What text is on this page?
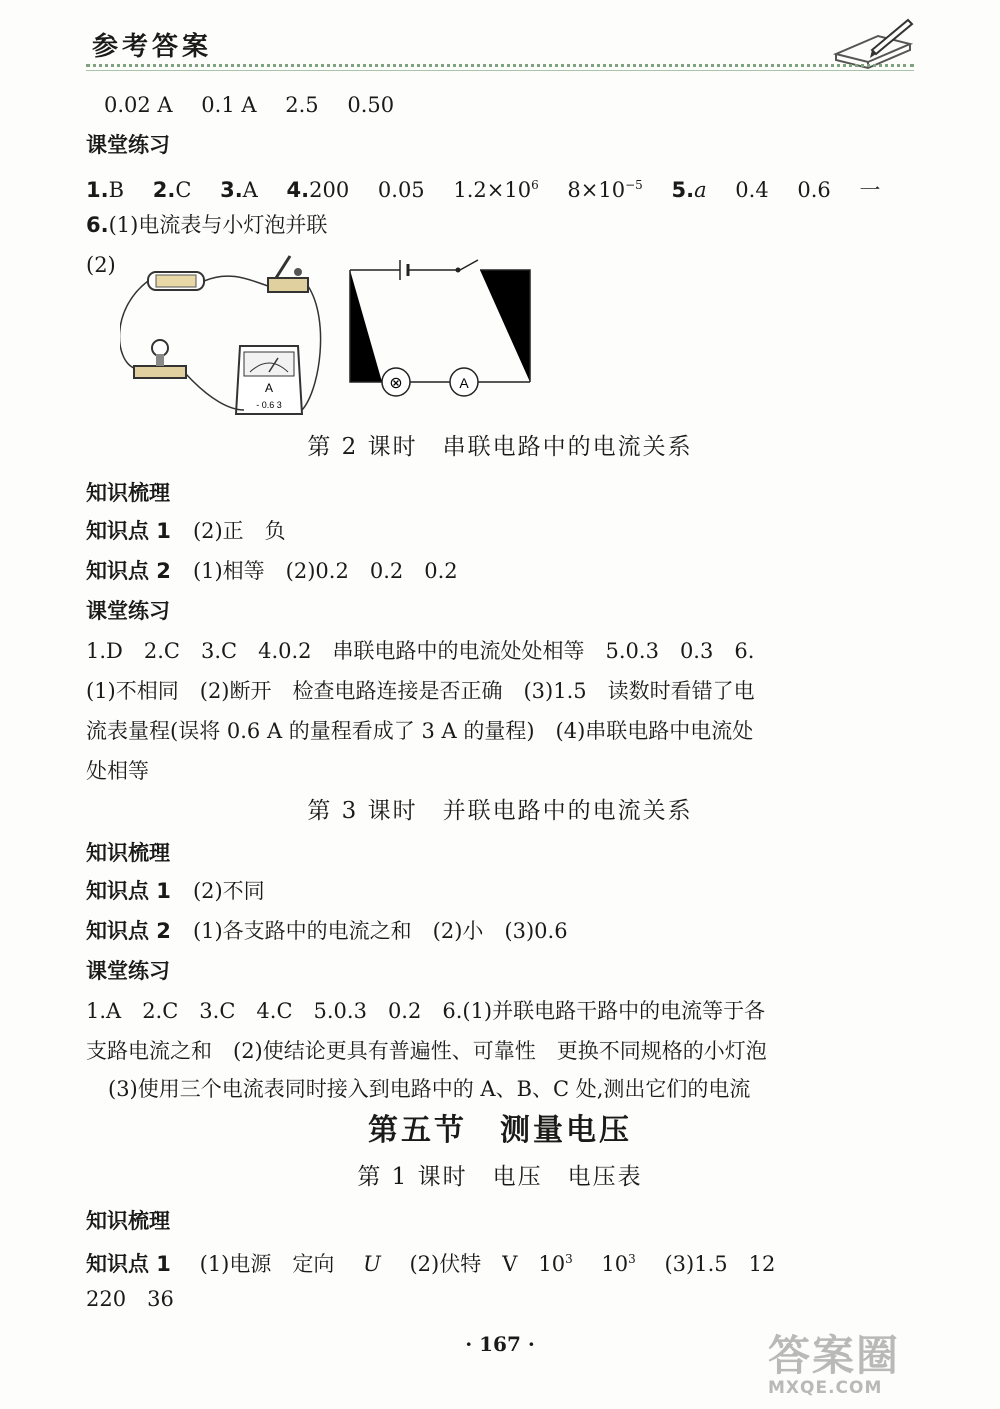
参考答案
0.02 A 0.1 A 2.5 0.50
课堂练习
1.B 2.C 3.A 4.200 0.05 $1.2\times 10^6$ $8\times 10^{-5}$ 5.a 0.4 0.6 一
6.(1)电流表与小灯泡并联
(2)
A
- 0.6 3
⊗	A
第 2 课时　串联电路中的电流关系
知识梳理
知识点 1 (2)正　负
知识点 2 (1)相等　(2)0.2　0.2　0.2
课堂练习
1.D　2.C　3.C　4.0.2　串联电路中的电流处处相等　5.0.3　0.3　6.
(1)不相同　(2)断开　检查电路连接是否正确　(3)1.5　读数时看错了电
流表量程(误将 0.6 A 的量程看成了 3 A 的量程)　(4)串联电路中电流处
处相等
第 3 课时　并联电路中的电流关系
知识梳理
知识点 1 (2)不同
知识点 2 (1)各支路中的电流之和　(2)小　(3)0.6
课堂练习
1.A　2.C　3.C　4.C　5.0.3　0.2　6.(1)并联电路干路中的电流等于各
支路电流之和　(2)使结论更具有普遍性、可靠性　更换不同规格的小灯泡
(3)使用三个电流表同时接入到电路中的 A、B、C 处,测出它们的电流
第五节　测量电压
第 1 课时　电压　电压表
知识梳理
知识点 1 (1)电源　定向 U (2)伏特　V　$10^3$ $10^3$ (3)1.5　12
220　36
· 167 ·	答案圈
MXQE.COM
